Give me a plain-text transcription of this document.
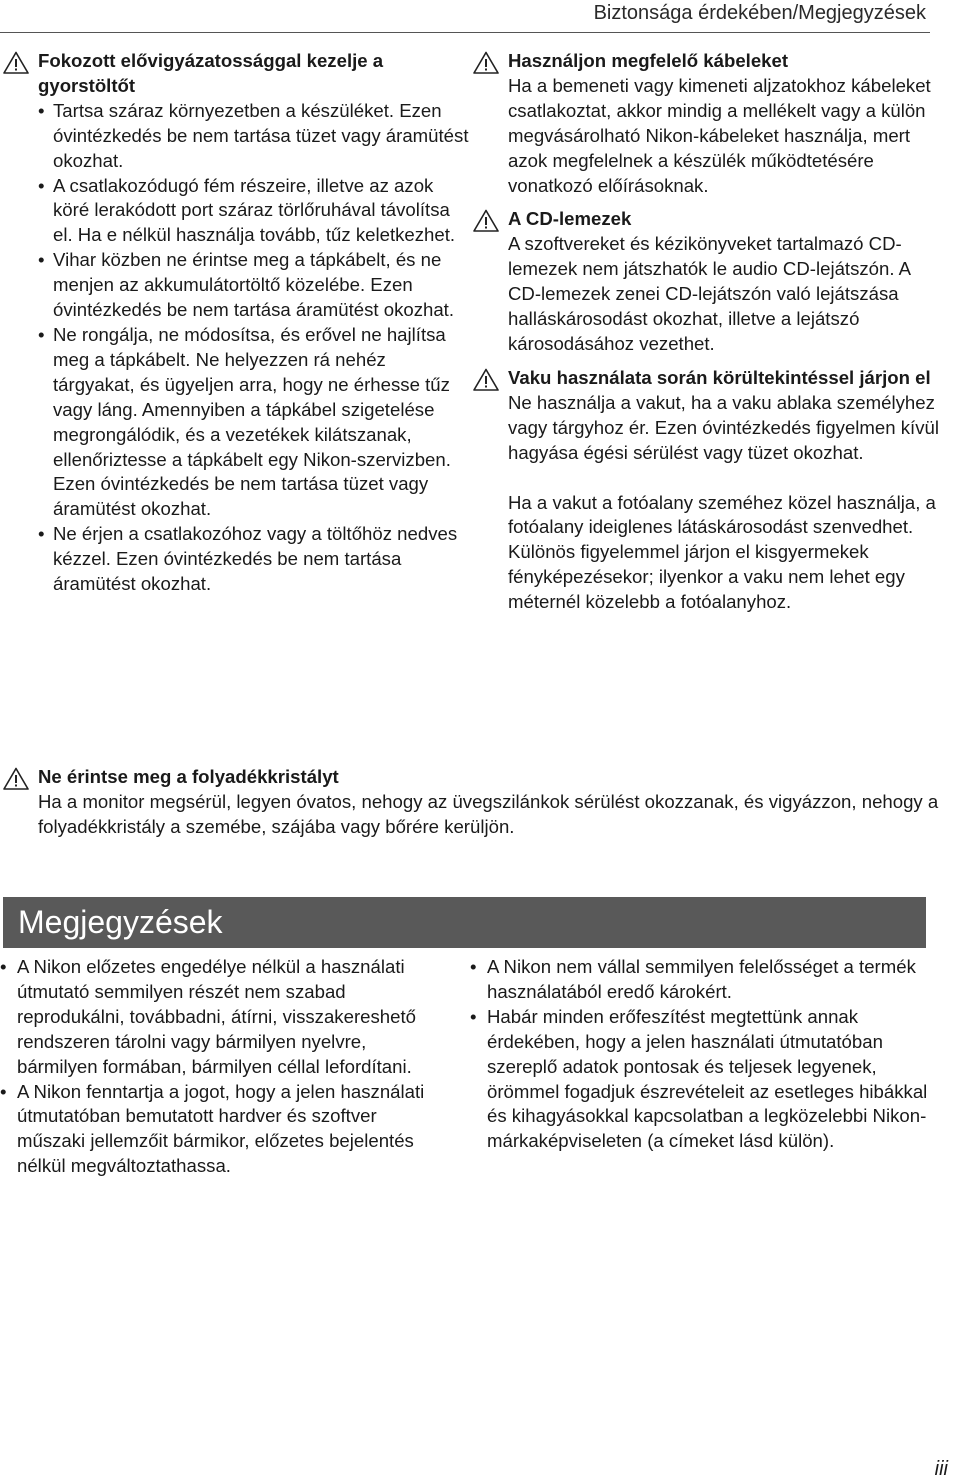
Biztonsága érdekében/Megjegyzések
Fokozott elővigyázatossággal kezelje a gyorstöltőt
• Tartsa száraz környezetben a készüléket. Ezen óvintézkedés be nem tartása tüzet vagy áramütést okozhat.
• A csatlakozódugó fém részeire, illetve az azok köré lerakódott port száraz törlőruhával távolítsa el. Ha e nélkül használja tovább, tűz keletkezhet.
• Vihar közben ne érintse meg a tápkábelt, és ne menjen az akkumulátortöltő közelébe. Ezen óvintézkedés be nem tartása áramütést okozhat.
• Ne rongálja, ne módosítsa, és erővel ne hajlítsa meg a tápkábelt. Ne helyezzen rá nehéz tárgyakat, és ügyeljen arra, hogy ne érhesse tűz vagy láng. Amennyiben a tápkábel szigetelése megrongálódik, és a vezetékek kilátszanak, ellenőriztesse a tápkábelt egy Nikon-szervizben. Ezen óvintézkedés be nem tartása tüzet vagy áramütést okozhat.
• Ne érjen a csatlakozóhoz vagy a töltőhöz nedves kézzel. Ezen óvintézkedés be nem tartása áramütést okozhat.
Használjon megfelelő kábeleket
Ha a bemeneti vagy kimeneti aljzatokhoz kábeleket csatlakoztat, akkor mindig a mellékelt vagy a külön megvásárolható Nikon-kábeleket használja, mert azok megfelelnek a készülék működtetésére vonatkozó előírásoknak.
A CD-lemezek
A szoftvereket és kézikönyveket tartalmazó CD-lemezek nem játszhatók le audio CD-lejátszón. A CD-lemezek zenei CD-lejátszón való lejátszása halláskárosodást okozhat, illetve a lejátszó károsodásához vezethet.
Vaku használata során körültekintéssel járjon el
Ne használja a vakut, ha a vaku ablaka személyhez vagy tárgyhoz ér. Ezen óvintézkedés figyelmen kívül hagyása égési sérülést vagy tüzet okozhat.
Ha a vakut a fotóalany szeméhez közel használja, a fotóalany ideiglenes látáskárosodást szenvedhet. Különös figyelemmel járjon el kisgyermekek fényképezésekor; ilyenkor a vaku nem lehet egy méternél közelebb a fotóalanyhoz.
Ne érintse meg a folyadékkristályt
Ha a monitor megsérül, legyen óvatos, nehogy az üvegszilánkok sérülést okozzanak, és vigyázzon, nehogy a folyadékkristály a szemébe, szájába vagy bőrére kerüljön.
Megjegyzések
• A Nikon előzetes engedélye nélkül a használati útmutató semmilyen részét nem szabad reprodukálni, továbbadni, átírni, visszakereshető rendszeren tárolni vagy bármilyen nyelvre, bármilyen formában, bármilyen céllal lefordítani.
• A Nikon fenntartja a jogot, hogy a jelen használati útmutatóban bemutatott hardver és szoftver műszaki jellemzőit bármikor, előzetes bejelentés nélkül megváltoztathassa.
• A Nikon nem vállal semmilyen felelősséget a termék használatából eredő károkért.
• Habár minden erőfeszítést megtettünk annak érdekében, hogy a jelen használati útmutatóban szereplő adatok pontosak és teljesek legyenek, örömmel fogadjuk észrevételeit az esetleges hibákkal és kihagyásokkal kapcsolatban a legközelebbi Nikon-márkaképviseleten (a címeket lásd külön).
iii
